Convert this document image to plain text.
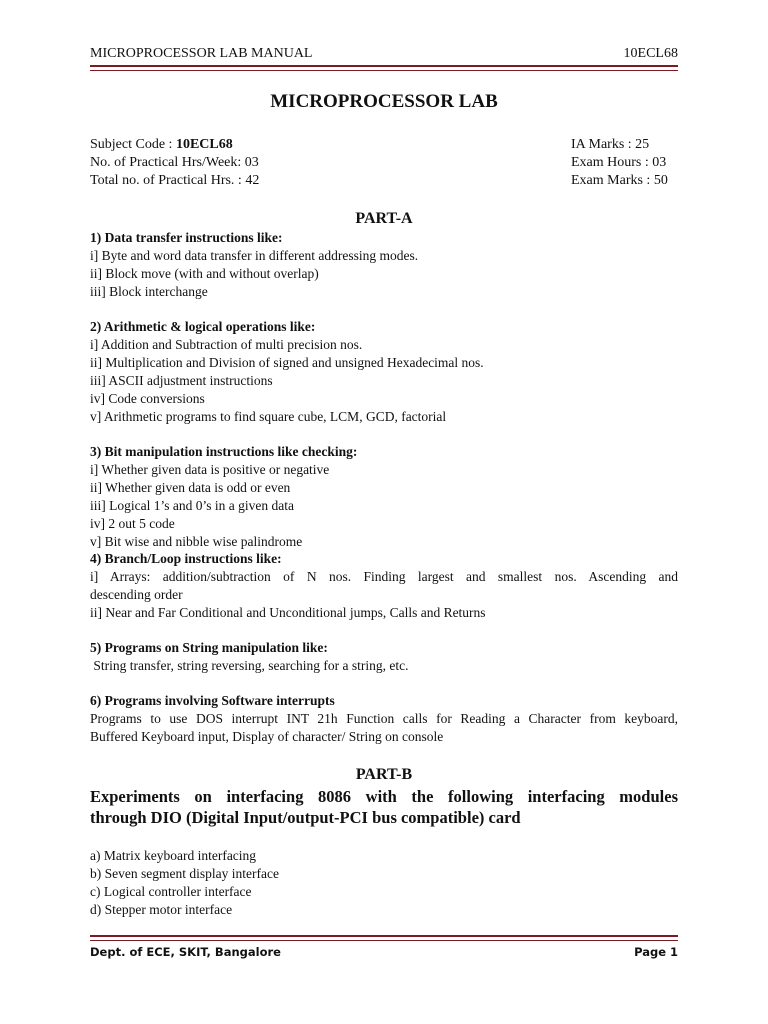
MICROPROCESSOR LAB MANUAL	10ECL68
MICROPROCESSOR LAB
Subject Code : 10ECL68	IA Marks : 25
No. of Practical Hrs/Week: 03	Exam Hours : 03
Total no. of Practical Hrs. : 42	Exam Marks : 50
PART-A
1) Data transfer instructions like:
i] Byte and word data transfer in different addressing modes.
ii] Block move (with and without overlap)
iii] Block interchange
2) Arithmetic & logical operations like:
i] Addition and Subtraction of multi precision nos.
ii] Multiplication and Division of signed and unsigned Hexadecimal nos.
iii] ASCII adjustment instructions
iv] Code conversions
v] Arithmetic programs to find square cube, LCM, GCD, factorial
3) Bit manipulation instructions like checking:
i] Whether given data is positive or negative
ii] Whether given data is odd or even
iii] Logical 1’s and 0’s in a given data
iv] 2 out 5 code
v] Bit wise and nibble wise palindrome
4) Branch/Loop instructions like:
i] Arrays: addition/subtraction of N nos. Finding largest and smallest nos. Ascending and
descending order
ii] Near and Far Conditional and Unconditional jumps, Calls and Returns
5) Programs on String manipulation like:
String transfer, string reversing, searching for a string, etc.
6) Programs involving Software interrupts
Programs to use DOS interrupt INT 21h Function calls for Reading a Character from keyboard,
Buffered Keyboard input, Display of character/ String on console
PART-B
Experiments on interfacing 8086 with the following interfacing modules
through DIO (Digital Input/output-PCI bus compatible) card
a) Matrix keyboard interfacing
b) Seven segment display interface
c) Logical controller interface
d) Stepper motor interface
Dept. of ECE, SKIT, Bangalore	Page 1
